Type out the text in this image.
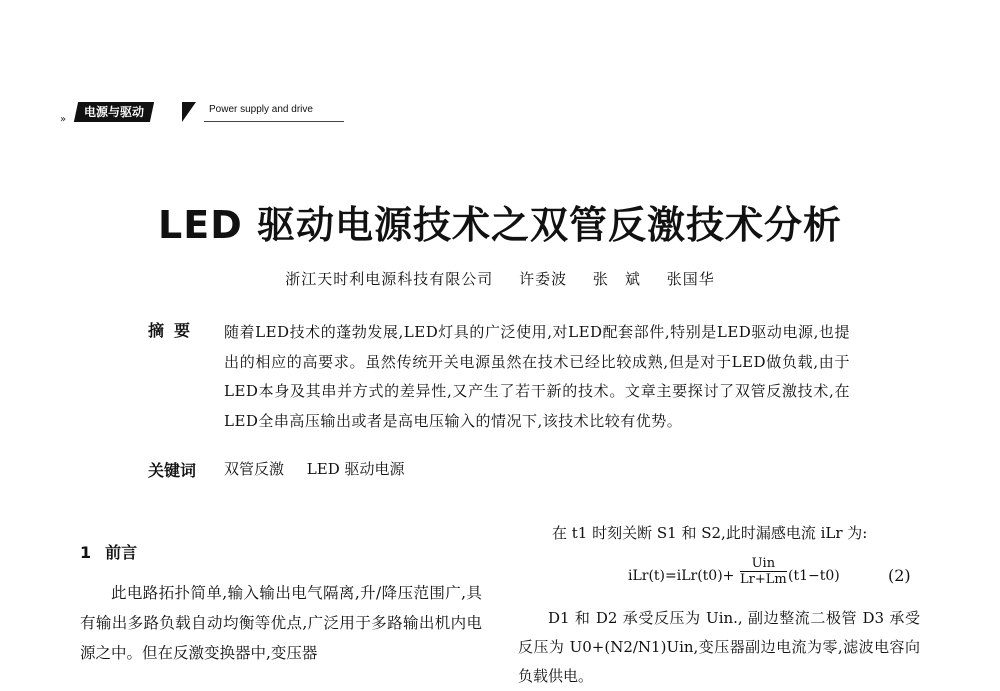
»
电源与驱动	Power supply and drive
LED 驱动电源技术之双管反激技术分析
浙江天时利电源科技有限公司 许委波 张　斌 张国华
摘要 随着LED技术的蓬勃发展,LED灯具的广泛使用,对LED配套部件,特别是LED驱动电源,也提出的相应的高要求。虽然传统开关电源虽然在技术已经比较成熟,但是对于LED做负载,由于LED本身及其串并方式的差异性,又产生了若干新的技术。文章主要探讨了双管反激技术,在LED全串高压输出或者是高电压输入的情况下,该技术比较有优势。
关键词 双管反激 LED 驱动电源
1 前言
此电路拓扑简单,输入输出电气隔离,升/降压范围广,具有输出多路负载自动均衡等优点,广泛用于多路输出机内电源之中。但在反激变换器中,变压器
在 t1 时刻关断 S1 和 S2,此时漏感电流 iLr 为:
iLr(t)=iLr(t0)+
Uin
Lr+Lm (t1−t0)	(2)
D1 和 D2 承受反压为 Uin., 副边整流二极管 D3 承受反压为 U0+(N2/N1)Uin,变压器副边电流为零,滤波电容向负载供电。
